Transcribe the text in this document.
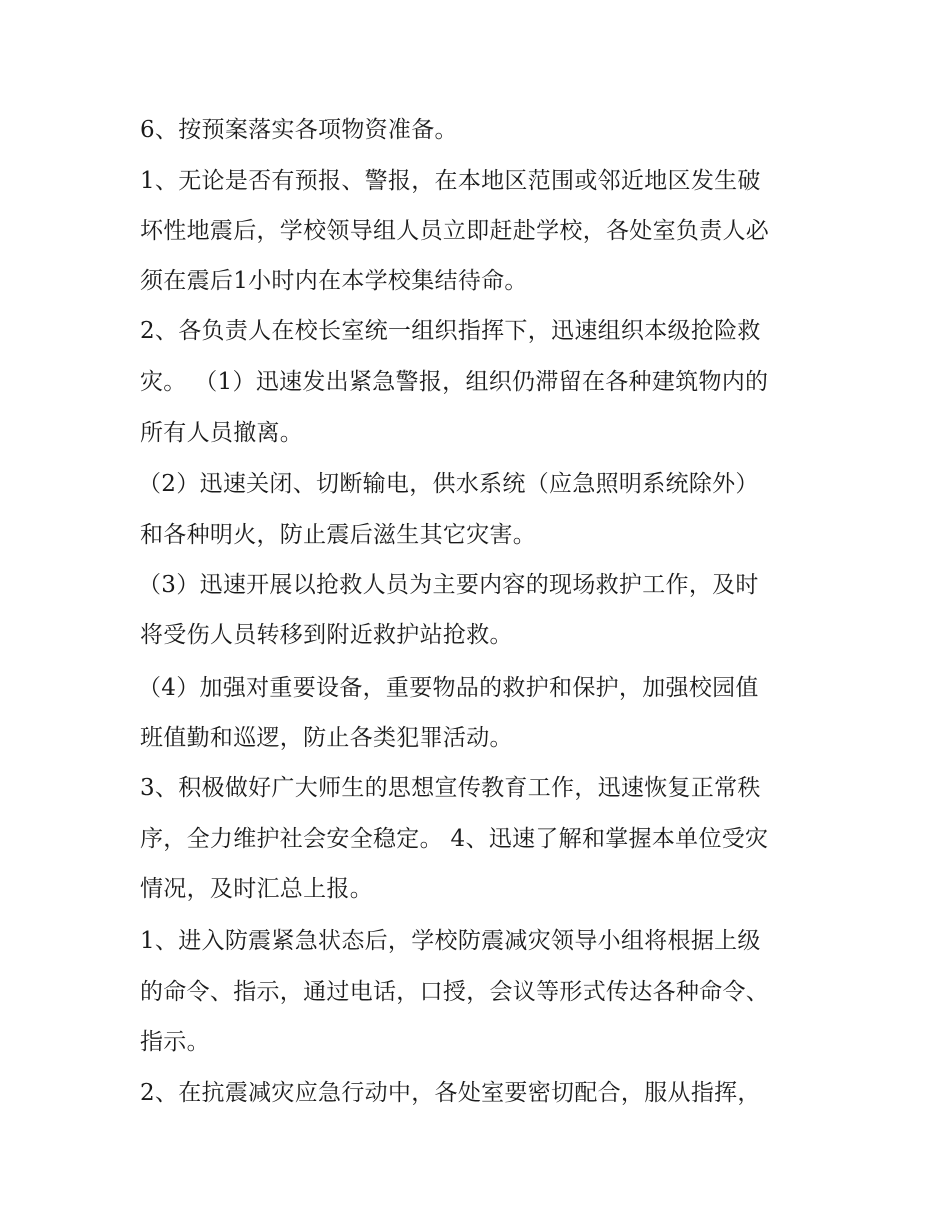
6、按预案落实各项物资准备。
1、无论是否有预报、警报，在本地区范围或邻近地区发生破
坏性地震后，学校领导组人员立即赶赴学校，各处室负责人必
须在震后1小时内在本学校集结待命。
2、各负责人在校长室统一组织指挥下，迅速组织本级抢险救
灾。 （1）迅速发出紧急警报，组织仍滞留在各种建筑物内的
所有人员撤离。
（2）迅速关闭、切断输电，供水系统（应急照明系统除外）
和各种明火，防止震后滋生其它灾害。
（3）迅速开展以抢救人员为主要内容的现场救护工作，及时
将受伤人员转移到附近救护站抢救。
（4）加强对重要设备，重要物品的救护和保护，加强校园值
班值勤和巡逻，防止各类犯罪活动。
3、积极做好广大师生的思想宣传教育工作，迅速恢复正常秩
序，全力维护社会安全稳定。 4、迅速了解和掌握本单位受灾
情况，及时汇总上报。
1、进入防震紧急状态后，学校防震减灾领导小组将根据上级
的命令、指示，通过电话，口授，会议等形式传达各种命令、
指示。
2、在抗震减灾应急行动中，各处室要密切配合，服从指挥，
